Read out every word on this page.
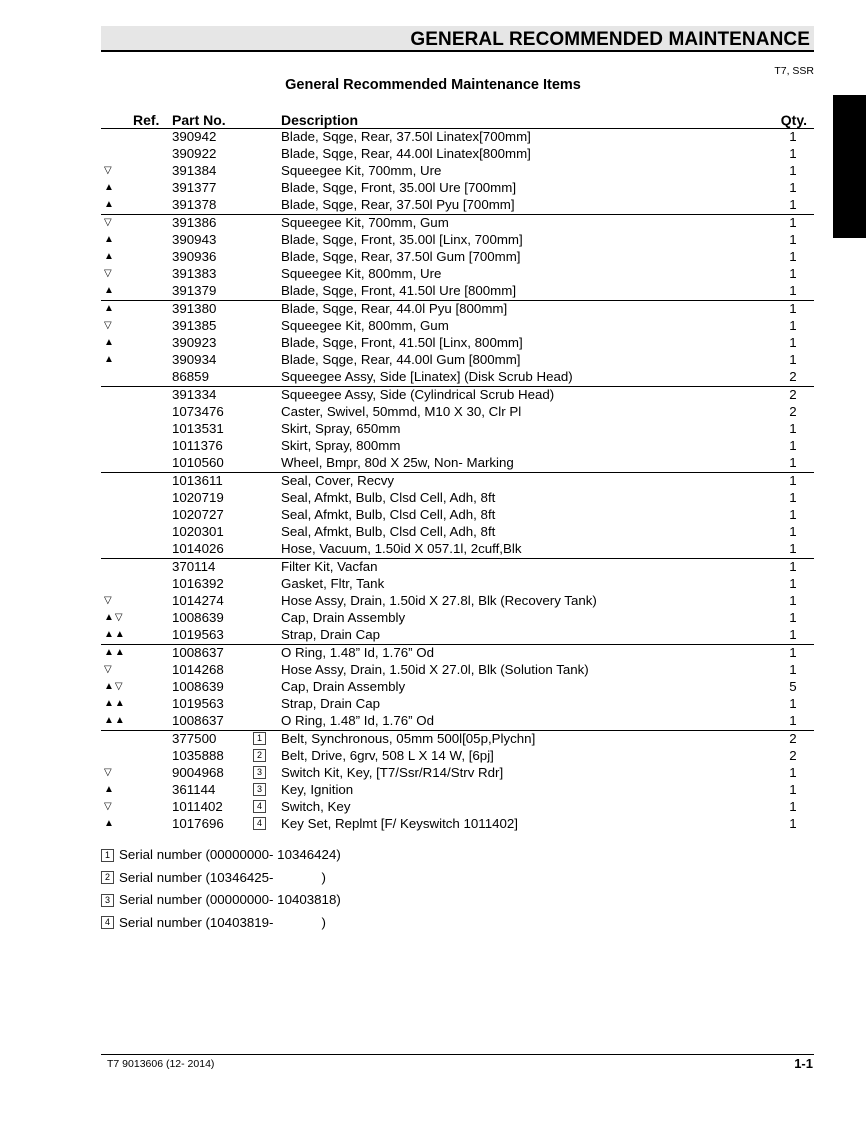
GENERAL RECOMMENDED MAINTENANCE
T7, SSR
General Recommended Maintenance Items
Ref. Part No.	Description	Qty.
390942	Blade, Sqge, Rear, 37.50l Linatex[700mm]	1
390922	Blade, Sqge, Rear, 44.00l Linatex[800mm]	1
▽	391384	Squeegee Kit, 700mm, Ure	1
▲	391377	Blade, Sqge, Front, 35.00l Ure [700mm]	1
▲	391378	Blade, Sqge, Rear, 37.50l Pyu [700mm]	1
▽	391386	Squeegee Kit, 700mm, Gum	1
▲	390943	Blade, Sqge, Front, 35.00l [Linx, 700mm]	1
▲	390936	Blade, Sqge, Rear, 37.50l Gum [700mm]	1
▽	391383	Squeegee Kit, 800mm, Ure	1
▲	391379	Blade, Sqge, Front, 41.50l Ure [800mm]	1
▲	391380	Blade, Sqge, Rear, 44.0l Pyu [800mm]	1
▽	391385	Squeegee Kit, 800mm, Gum	1
▲	390923	Blade, Sqge, Front, 41.50l [Linx, 800mm]	1
▲	390934	Blade, Sqge, Rear, 44.00l Gum [800mm]	1
86859	Squeegee Assy, Side [Linatex] (Disk Scrub Head)	2
391334	Squeegee Assy, Side (Cylindrical Scrub Head)	2
1073476	Caster, Swivel, 50mmd, M10 X 30, Clr Pl	2
1013531	Skirt, Spray, 650mm	1
1011376	Skirt, Spray, 800mm	1
1010560	Wheel, Bmpr, 80d X 25w, Non- Marking	1
1013611	Seal, Cover, Recvy	1
1020719	Seal, Afmkt, Bulb, Clsd Cell, Adh, 8ft	1
1020727	Seal, Afmkt, Bulb, Clsd Cell, Adh, 8ft	1
1020301	Seal, Afmkt, Bulb, Clsd Cell, Adh, 8ft	1
1014026	Hose, Vacuum, 1.50id X 057.1l, 2cuff,Blk	1
370114	Filter Kit, Vacfan	1
1016392	Gasket, Fltr, Tank	1
▽	1014274	Hose Assy, Drain, 1.50id X 27.8l, Blk (Recovery Tank)	1
▲▽	1008639	Cap, Drain Assembly	1
▲▲	1019563	Strap, Drain Cap	1
▲▲	1008637	O Ring, 1.48” Id, 1.76” Od	1
▽	1014268	Hose Assy, Drain, 1.50id X 27.0l, Blk (Solution Tank)	1
▲▽	1008639	Cap, Drain Assembly	5
▲▲	1019563	Strap, Drain Cap	1
▲▲	1008637	O Ring, 1.48” Id, 1.76” Od	1
377500	1	Belt, Synchronous, 05mm 500l[05p,Plychn]	2
1035888	2	Belt, Drive, 6grv, 508 L X 14 W, [6pj]	2
▽	9004968	3	Switch Kit, Key, [T7/Ssr/R14/Strv Rdr]	1
▲	361144	3	Key, Ignition	1
▽	1011402	4	Switch, Key	1
▲	1017696	4	Key Set, Replmt [F/ Keyswitch 1011402]	1
1 Serial number (00000000- 10346424)
2 Serial number (10346425-             )
3 Serial number (00000000- 10403818)
4 Serial number (10403819-             )
T7 9013606 (12- 2014)	1-1
